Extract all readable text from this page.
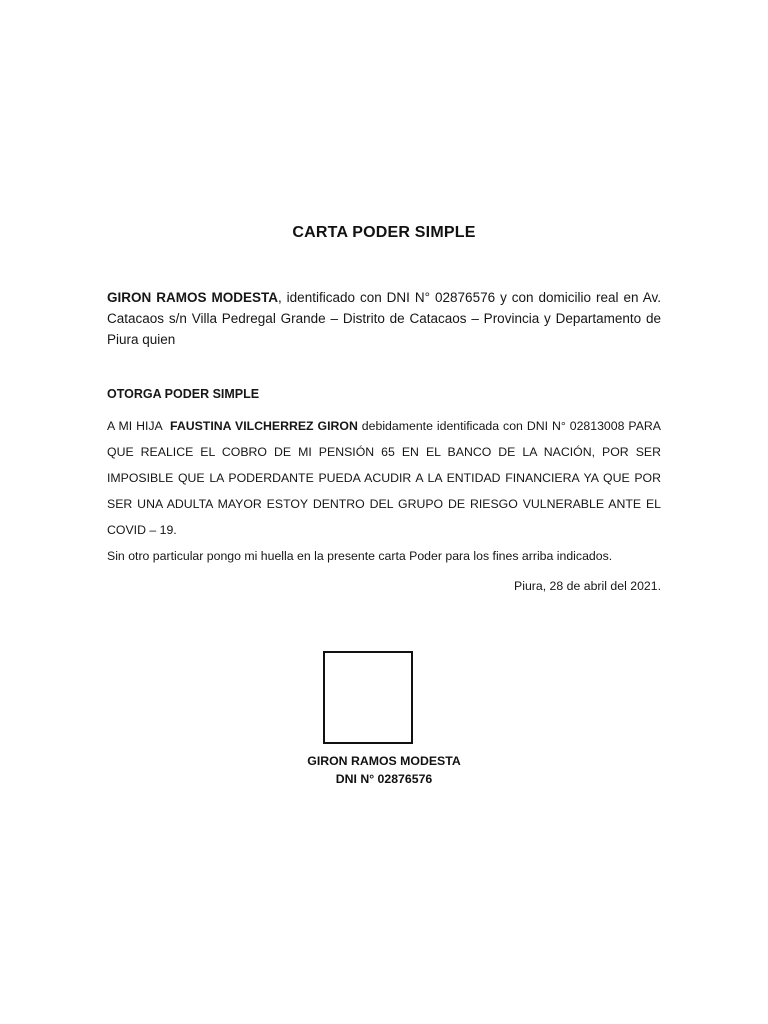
CARTA PODER SIMPLE
GIRON RAMOS MODESTA, identificado con DNI N° 02876576 y con domicilio real en Av. Catacaos s/n Villa Pedregal Grande – Distrito de Catacaos – Provincia y Departamento de Piura quien
OTORGA PODER SIMPLE
A MI HIJA  FAUSTINA VILCHERREZ GIRON debidamente identificada con DNI N° 02813008 PARA QUE REALICE EL COBRO DE MI PENSIÓN 65 EN EL BANCO DE LA NACIÓN, POR SER IMPOSIBLE QUE LA PODERDANTE PUEDA ACUDIR A LA ENTIDAD FINANCIERA YA QUE POR SER UNA ADULTA MAYOR ESTOY DENTRO DEL GRUPO DE RIESGO VULNERABLE ANTE EL COVID – 19.
Sin otro particular pongo mi huella en la presente carta Poder para los fines arriba indicados.
Piura, 28 de abril del 2021.
GIRON RAMOS MODESTA
DNI N° 02876576
